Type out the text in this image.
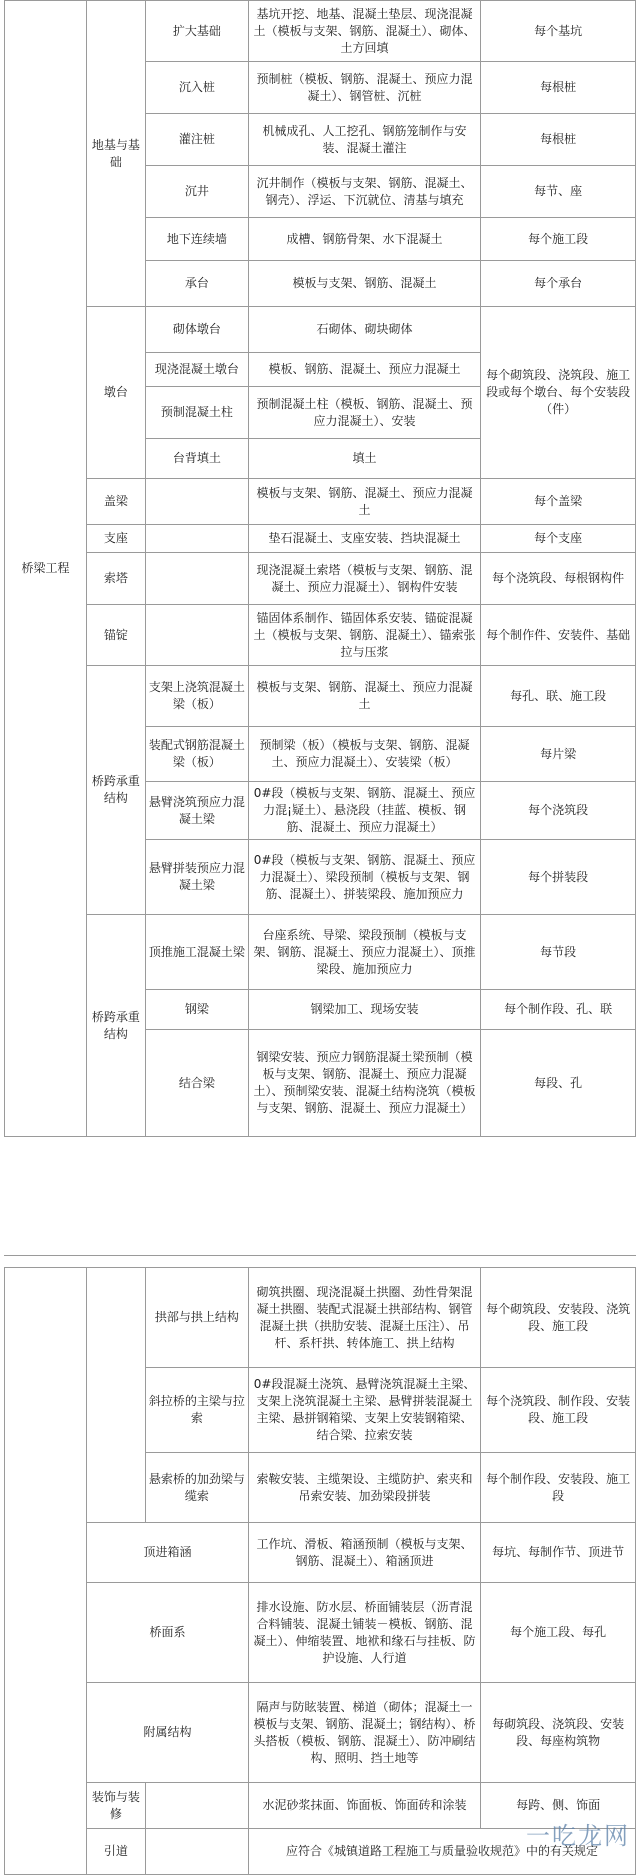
桥梁工程	地基与基础	扩大基础	基坑开挖、地基、混凝土垫层、现浇混凝土（模板与支架、钢筋、混凝土）、砌体、土方回填	每个基坑
		沉入桩	预制桩（模板、钢筋、混凝土、预应力混凝土）、钢管桩、沉桩	每根桩
		灌注桩	机械成孔、人工挖孔、钢筋笼制作与安装、混凝土灌注	每根桩
		沉井	沉井制作（模板与支架、钢筋、混凝土、钢壳）、浮运、下沉就位、清基与填充	每节、座
		地下连续墙	成槽、钢筋骨架、水下混凝土	每个施工段
		承台	模板与支架、钢筋、混凝土	每个承台
	墩台	砌体墩台	石砌体、砌块砌体	每个砌筑段、浇筑段、施工段或每个墩台、每个安装段（件）
		现浇混凝土墩台	模板、钢筋、混凝土、预应力混凝土	
		预制混凝土柱	预制混凝土柱（模板、钢筋、混凝土、预应力混凝土）、安装	
		台背填土	填土	
	盖梁		模板与支架、钢筋、混凝土、预应力混凝土	每个盖梁
	支座		垫石混凝土、支座安装、挡块混凝土	每个支座
	索塔		现浇混凝土索塔（模板与支架、钢筋、混凝土、预应力混凝土）、钢构件安装	每个浇筑段、每根钢构件
	锚锭		锚固体系制作、锚固体系安装、锚碇混凝土（模板与支架、钢筋、混凝土）、锚索张拉与压浆	每个制作件、安装件、基础
	桥跨承重结构	支架上浇筑混凝土梁（板）	模板与支架、钢筋、混凝土、预应力混凝土	每孔、联、施工段
		装配式钢筋混凝土梁（板）	预制梁（板）（模板与支架、钢筋、混凝土、预应力混凝土）、安装梁（板）	每片梁
		悬臂浇筑预应力混凝土梁	0#段（模板与支架、钢筋、混凝土、预应力混¡疑土）、悬浇段（挂蓝、模板、钢筋、混凝土、预应力混凝土）	每个浇筑段
		悬臂拼装预应力混凝土梁	0#段（模板与支架、钢筋、混凝土、预应力混凝土）、梁段预制（模板与支架、钢筋、混凝土）、拼装梁段、施加预应力	每个拼装段
	桥跨承重结构	顶推施工混凝土梁	台座系统、导梁、梁段预制（模板与支架、钢筋、混凝土、预应力混凝土）、顶推梁段、施加预应力	每节段
		钢梁	钢梁加工、现场安装	每个制作段、孔、联
		结合梁	钢梁安装、预应力钢筋混凝土梁预制（模板与支架、钢筋、混凝土、预应力混凝土）、预制梁安装、混凝土结构浇筑（模板与支架、钢筋、混凝土、预应力混凝土）	每段、孔
		拱部与拱上结构	砌筑拱圈、现浇混凝土拱圈、劲性骨架混凝土拱圈、装配式混凝土拱部结构、钢管混凝土拱（拱肋安装、混凝土压注）、吊杆、系杆拱、转体施工、拱上结构	每个砌筑段、安装段、浇筑段、施工段
		斜拉桥的主梁与拉索	0#段混凝土浇筑、悬臂浇筑混凝土主梁、支架上浇筑混凝土主梁、悬臂拼装混凝土主梁、悬拼钢箱梁、支架上安装钢箱梁、结合梁、拉索安装	每个浇筑段、制作段、安装段、施工段
		悬索桥的加劲梁与缆索	索鞍安装、主缆架设、主缆防护、索夹和吊索安装、加劲梁段拼装	每个制作段、安装段、施工段
	顶进箱涵		工作坑、滑板、箱涵预制（模板与支架、钢筋、混凝土）、箱涵顶进	每坑、每制作节、顶进节
	桥面系		排水设施、防水层、桥面铺装层（沥青混合料铺装、混凝土铺装－模板、钢筋、混凝土）、伸缩装置、地袱和缘石与挂板、防护设施、人行道	每个施工段、每孔
	附属结构		隔声与防眩装置、梯道（砌体；混凝土一模板与支架、钢筋、混凝土；钢结构）、桥头搭板（模板、钢筋、混凝土）、防冲刷结构、照明、挡土地等	每砌筑段、浇筑段、安装段、每座构筑物
	装饰与装修		水泥砂浆抹面、饰面板、饰面砖和涂装	每跨、侧、饰面
	引道		应符合《城镇道路工程施工与质量验收规范》中的有关规定	
一吃龙网
